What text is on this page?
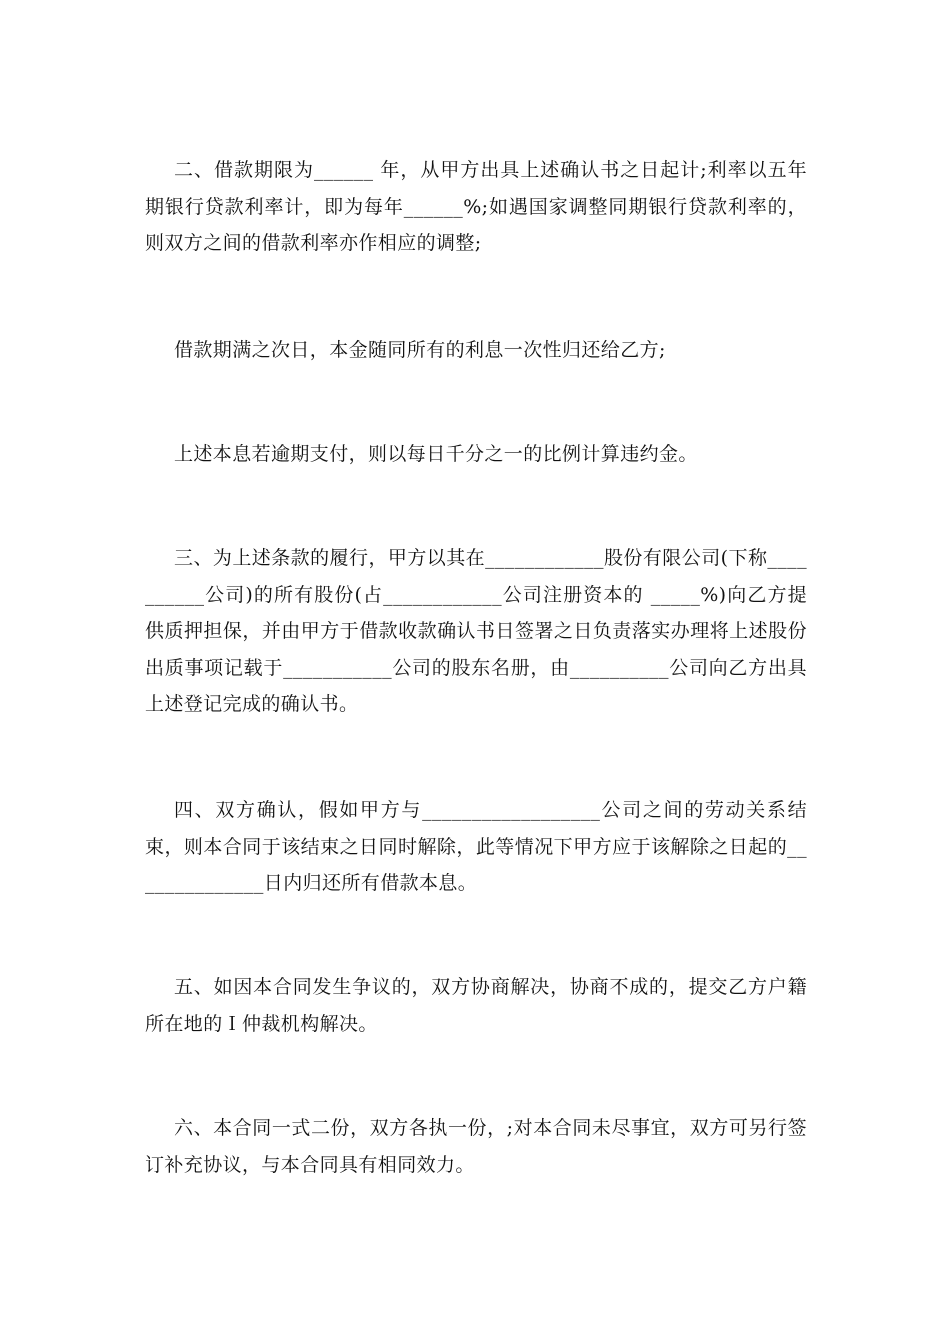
二、借款期限为______ 年，从甲方出具上述确认书之日起计;利率以五年期银行贷款利率计，即为每年______%;如遇国家调整同期银行贷款利率的，则双方之间的借款利率亦作相应的调整;

借款期满之次日，本金随同所有的利息一次性归还给乙方;

上述本息若逾期支付，则以每日千分之一的比例计算违约金。

三、为上述条款的履行，甲方以其在____________股份有限公司(下称__________公司)的所有股份(占____________公司注册资本的 _____%)向乙方提供质押担保，并由甲方于借款收款确认书日签署之日负责落实办理将上述股份出质事项记载于___________公司的股东名册，由__________公司向乙方出具上述登记完成的确认书。

四、双方确认，假如甲方与__________________公司之间的劳动关系结束，则本合同于该结束之日同时解除，此等情况下甲方应于该解除之日起的______________日内归还所有借款本息。

五、如因本合同发生争议的，双方协商解决，协商不成的，提交乙方户籍所在地的Ｉ仲裁机构解决。

六、本合同一式二份，双方各执一份，;对本合同未尽事宜，双方可另行签订补充协议，与本合同具有相同效力。
